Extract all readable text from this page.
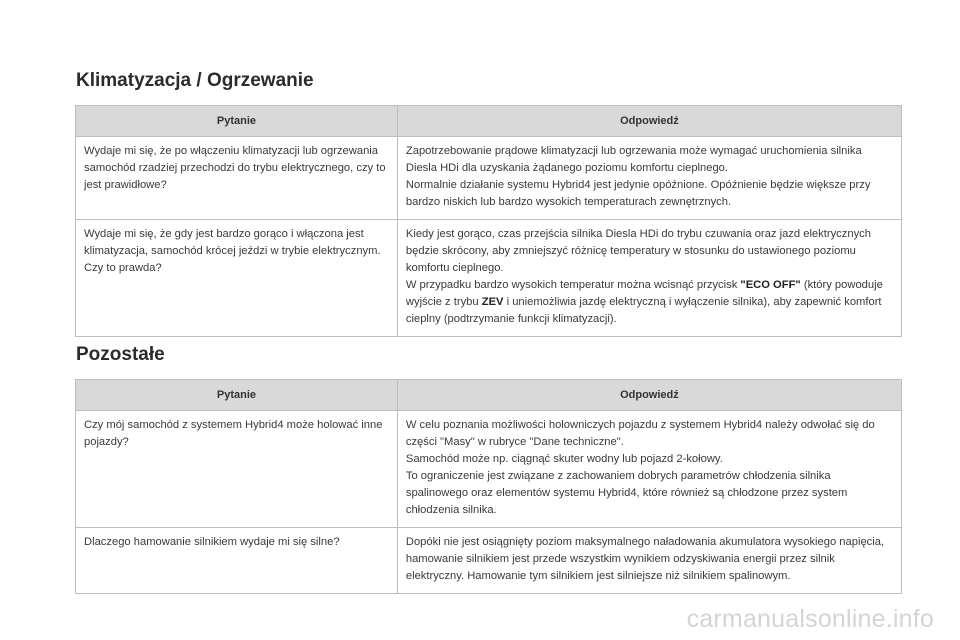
Klimatyzacja / Ogrzewanie
Pytanie	Odpowiedź
Wydaje mi się, że po włączeniu klimatyzacji lub ogrzewania samochód rzadziej przechodzi do trybu elektrycznego, czy to jest prawidłowe?	Zapotrzebowanie prądowe klimatyzacji lub ogrzewania może wymagać uruchomienia silnika Diesla HDi dla uzyskania żądanego poziomu komfortu cieplnego.
Normalnie działanie systemu Hybrid4 jest jedynie opóźnione. Opóźnienie będzie większe przy bardzo niskich lub bardzo wysokich temperaturach zewnętrznych.

Wydaje mi się, że gdy jest bardzo gorąco i włączona jest klimatyzacja, samochód krócej jeździ w trybie elektrycznym. Czy to prawda?	Kiedy jest gorąco, czas przejścia silnika Diesla HDi do trybu czuwania oraz jazd elektrycznych będzie skrócony, aby zmniejszyć różnicę temperatury w stosunku do ustawionego poziomu komfortu cieplnego.
W przypadku bardzo wysokich temperatur można wcisnąć przycisk "ECO OFF" (który powoduje wyjście z trybu ZEV i uniemożliwia jazdę elektryczną i wyłączenie silnika), aby zapewnić komfort cieplny (podtrzymanie funkcji klimatyzacji).
Pozostałe
Pytanie	Odpowiedź
Czy mój samochód z systemem Hybrid4 może holować inne pojazdy?	W celu poznania możliwości holowniczych pojazdu z systemem Hybrid4 należy odwołać się do części "Masy" w rubryce "Dane techniczne".
Samochód może np. ciągnąć skuter wodny lub pojazd 2-kołowy.
To ograniczenie jest związane z zachowaniem dobrych parametrów chłodzenia silnika spalinowego oraz elementów systemu Hybrid4, które również są chłodzone przez system chłodzenia silnika.

Dlaczego hamowanie silnikiem wydaje mi się silne?	Dopóki nie jest osiągnięty poziom maksymalnego naładowania akumulatora wysokiego napięcia, hamowanie silnikiem jest przede wszystkim wynikiem odzyskiwania energii przez silnik elektryczny. Hamowanie tym silnikiem jest silniejsze niż silnikiem spalinowym.
carmanualsonline.info
